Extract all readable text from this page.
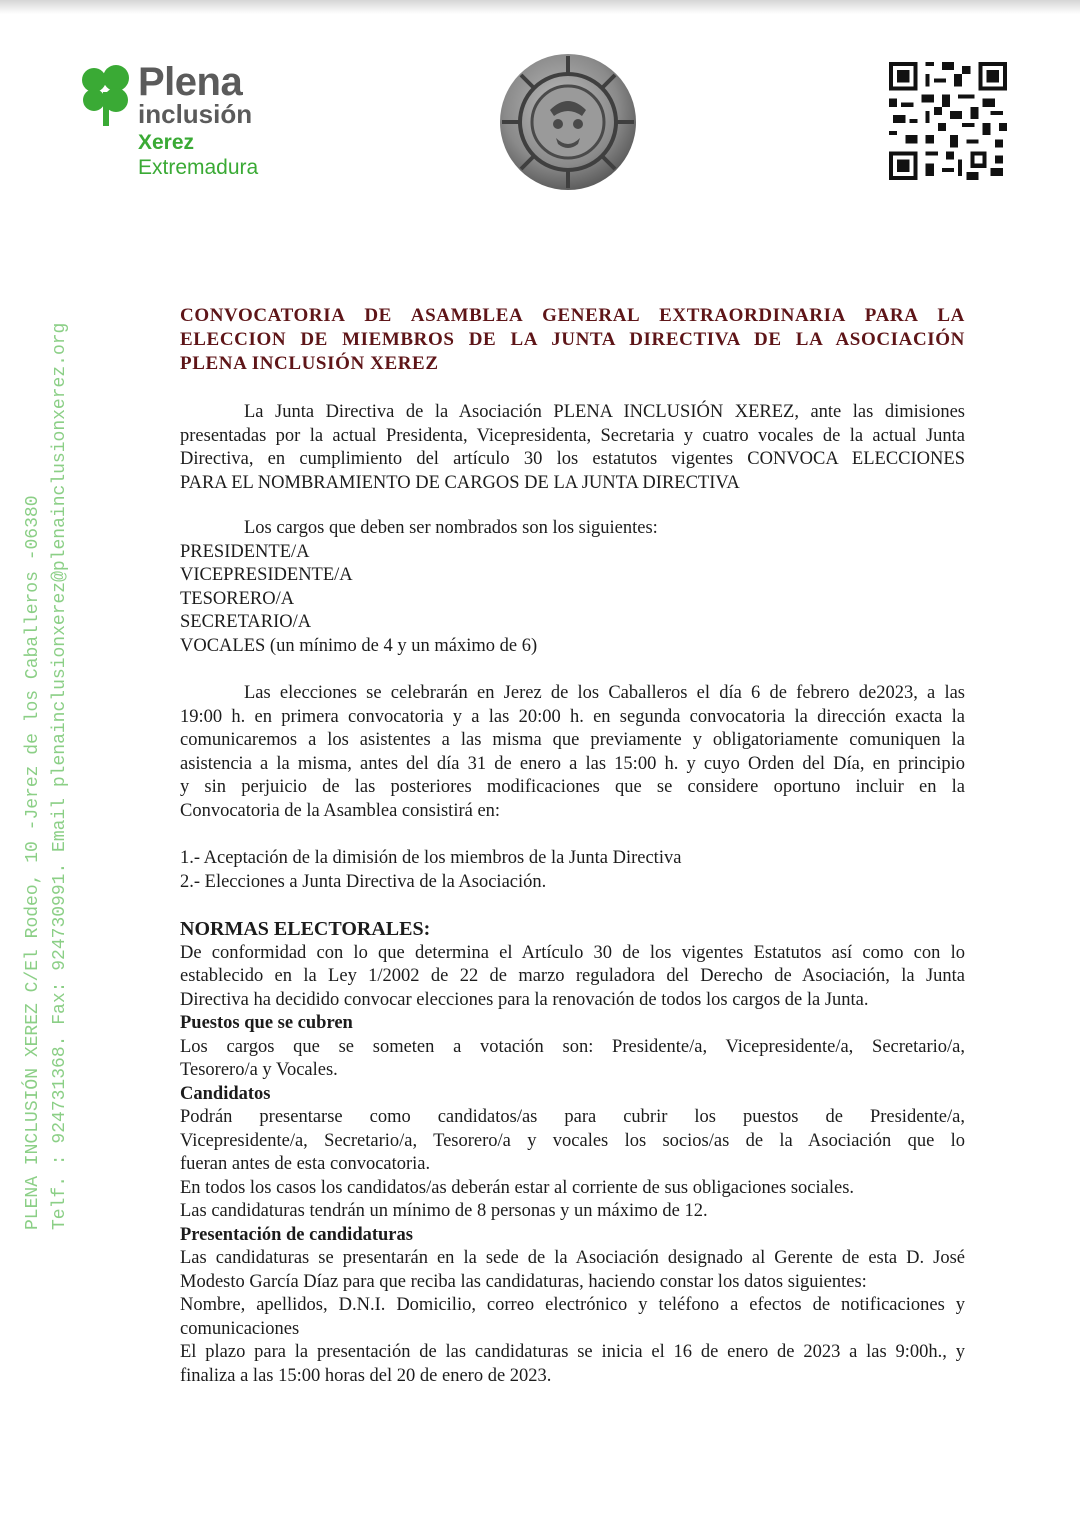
Plena
inclusión
Xerez
Extremadura
PLENA INCLUSIÓN XEREZ C/El Rodeo, 10 -Jerez de los Caballeros -06380 Telf. : 924731368. Fax: 924730991. Email plenainclusionxerez@plenainclusionxerez.org
CONVOCATORIA DE ASAMBLEA GENERAL EXTRAORDINARIA PARA LA
ELECCION DE MIEMBROS DE LA JUNTA DIRECTIVA DE LA ASOCIACIÓN
PLENA INCLUSIÓN XEREZ
La Junta Directiva de la Asociación PLENA INCLUSIÓN XEREZ, ante las dimisiones
presentadas por la actual Presidenta, Vicepresidenta, Secretaria y cuatro vocales de la actual Junta
Directiva, en cumplimiento del artículo 30 los estatutos vigentes CONVOCA ELECCIONES
PARA EL NOMBRAMIENTO DE CARGOS DE LA JUNTA DIRECTIVA
Los cargos que deben ser nombrados son los siguientes:
PRESIDENTE/A
VICEPRESIDENTE/A
TESORERO/A
SECRETARIO/A
VOCALES (un mínimo de 4 y un máximo de 6)
Las elecciones se celebrarán en Jerez de los Caballeros el día 6 de febrero de2023, a las
19:00 h. en primera convocatoria y a las 20:00 h. en segunda convocatoria la dirección exacta la
comunicaremos a los asistentes a las misma que previamente y obligatoriamente comuniquen la
asistencia a la misma, antes del día 31 de enero a las 15:00 h. y cuyo Orden del Día, en principio
y sin perjuicio de las posteriores modificaciones que se considere oportuno incluir en la
Convocatoria de la Asamblea consistirá en:
1.- Aceptación de la dimisión de los miembros de la Junta Directiva
2.- Elecciones a Junta Directiva de la Asociación.
NORMAS ELECTORALES:
De conformidad con lo que determina el Artículo 30 de los vigentes Estatutos así como con lo
establecido en la Ley 1/2002 de 22 de marzo reguladora del Derecho de Asociación, la Junta
Directiva ha decidido convocar elecciones para la renovación de todos los cargos de la Junta.
Puestos que se cubren
Los cargos que se someten a votación son: Presidente/a, Vicepresidente/a, Secretario/a,
Tesorero/a y Vocales.
Candidatos
Podrán presentarse como candidatos/as para cubrir los puestos de Presidente/a,
Vicepresidente/a, Secretario/a, Tesorero/a y vocales los socios/as de la Asociación que lo
fueran antes de esta convocatoria.
En todos los casos los candidatos/as deberán estar al corriente de sus obligaciones sociales.
Las candidaturas tendrán un mínimo de 8 personas y un máximo de 12.
Presentación de candidaturas
Las candidaturas se presentarán en la sede de la Asociación designado al Gerente de esta D. José
Modesto García Díaz para que reciba las candidaturas, haciendo constar los datos siguientes:
Nombre, apellidos, D.N.I. Domicilio, correo electrónico y teléfono a efectos de notificaciones y
comunicaciones
El plazo para la presentación de las candidaturas se inicia el 16 de enero de 2023 a las 9:00h., y
finaliza a las 15:00 horas del 20 de enero de 2023.
